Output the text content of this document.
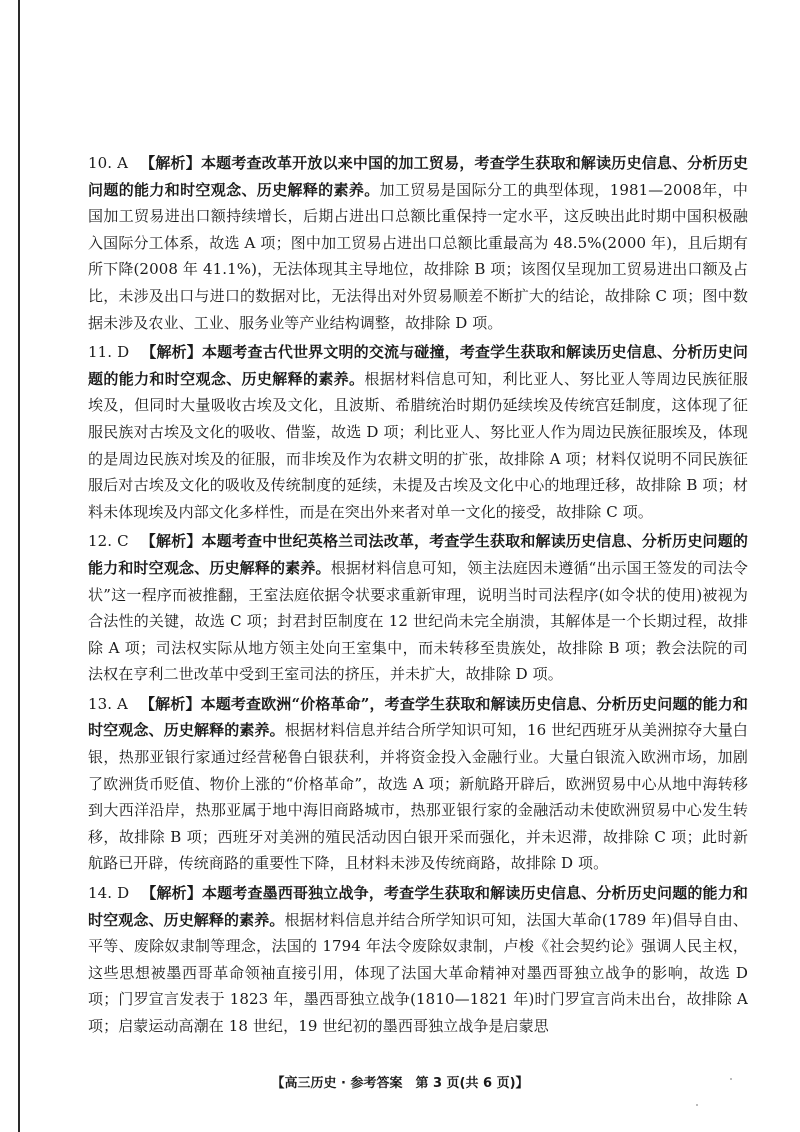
10. A 【解析】本题考查改革开放以来中国的加工贸易，考查学生获取和解读历史信息、分析历史问题的能力和时空观念、历史解释的素养。加工贸易是国际分工的典型体现，1981—2008年，中国加工贸易进出口额持续增长，后期占进出口总额比重保持一定水平，这反映出此时期中国积极融入国际分工体系，故选 A 项；图中加工贸易占进出口总额比重最高为 48.5%(2000 年)，且后期有所下降(2008 年 41.1%)，无法体现其主导地位，故排除 B 项；该图仅呈现加工贸易进出口额及占比，未涉及出口与进口的数据对比，无法得出对外贸易顺差不断扩大的结论，故排除 C 项；图中数据未涉及农业、工业、服务业等产业结构调整，故排除 D 项。

11. D 【解析】本题考查古代世界文明的交流与碰撞，考查学生获取和解读历史信息、分析历史问题的能力和时空观念、历史解释的素养。根据材料信息可知，利比亚人、努比亚人等周边民族征服埃及，但同时大量吸收古埃及文化，且波斯、希腊统治时期仍延续埃及传统宫廷制度，这体现了征服民族对古埃及文化的吸收、借鉴，故选 D 项；利比亚人、努比亚人作为周边民族征服埃及，体现的是周边民族对埃及的征服，而非埃及作为农耕文明的扩张，故排除 A 项；材料仅说明不同民族征服后对古埃及文化的吸收及传统制度的延续，未提及古埃及文化中心的地理迁移，故排除 B 项；材料未体现埃及内部文化多样性，而是在突出外来者对单一文化的接受，故排除 C 项。

12. C 【解析】本题考查中世纪英格兰司法改革，考查学生获取和解读历史信息、分析历史问题的能力和时空观念、历史解释的素养。根据材料信息可知，领主法庭因未遵循“出示国王签发的司法令状”这一程序而被推翻，王室法庭依据令状要求重新审理，说明当时司法程序(如令状的使用)被视为合法性的关键，故选 C 项；封君封臣制度在 12 世纪尚未完全崩溃，其解体是一个长期过程，故排除 A 项；司法权实际从地方领主处向王室集中，而未转移至贵族处，故排除 B 项；教会法院的司法权在亨利二世改革中受到王室司法的挤压，并未扩大，故排除 D 项。

13. A 【解析】本题考查欧洲“价格革命”，考查学生获取和解读历史信息、分析历史问题的能力和时空观念、历史解释的素养。根据材料信息并结合所学知识可知，16 世纪西班牙从美洲掠夺大量白银，热那亚银行家通过经营秘鲁白银获利，并将资金投入金融行业。大量白银流入欧洲市场，加剧了欧洲货币贬值、物价上涨的“价格革命”，故选 A 项；新航路开辟后，欧洲贸易中心从地中海转移到大西洋沿岸，热那亚属于地中海旧商路城市，热那亚银行家的金融活动未使欧洲贸易中心发生转移，故排除 B 项；西班牙对美洲的殖民活动因白银开采而强化，并未迟滞，故排除 C 项；此时新航路已开辟，传统商路的重要性下降，且材料未涉及传统商路，故排除 D 项。

14. D 【解析】本题考查墨西哥独立战争，考查学生获取和解读历史信息、分析历史问题的能力和时空观念、历史解释的素养。根据材料信息并结合所学知识可知，法国大革命(1789 年)倡导自由、平等、废除奴隶制等理念，法国的 1794 年法令废除奴隶制，卢梭《社会契约论》强调人民主权，这些思想被墨西哥革命领袖直接引用，体现了法国大革命精神对墨西哥独立战争的影响，故选 D 项；门罗宣言发表于 1823 年，墨西哥独立战争(1810—1821 年)时门罗宣言尚未出台，故排除 A 项；启蒙运动高潮在 18 世纪，19 世纪初的墨西哥独立战争是启蒙思

【高三历史 · 参考答案　第 3 页(共 6 页)】
